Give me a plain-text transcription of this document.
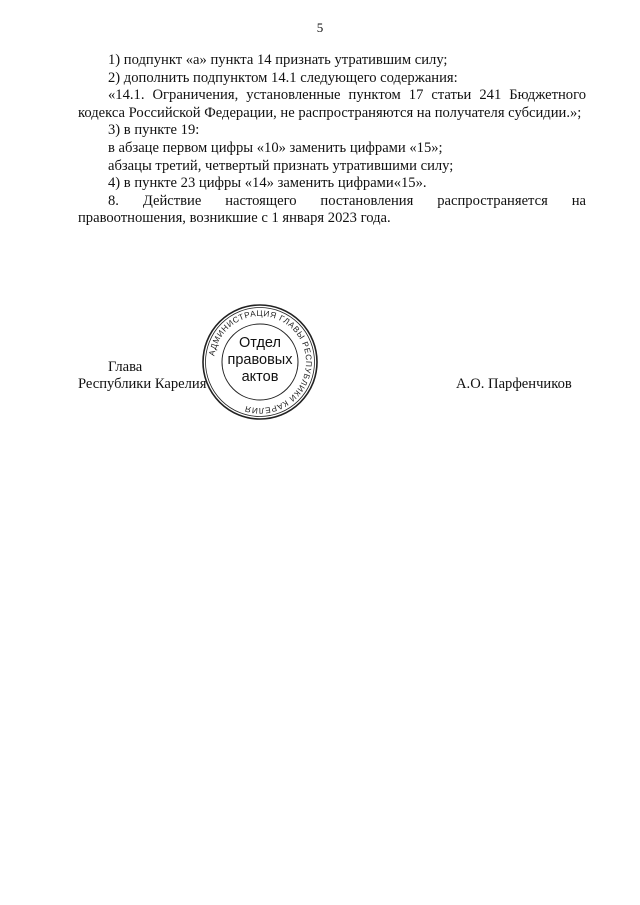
5

1) подпункт «а» пункта 14 признать утратившим силу;

2) дополнить подпунктом 14.1 следующего содержания:

«14.1. Ограничения, установленные пунктом 17 статьи 241 Бюджетного кодекса Российской Федерации, не распространяются на получателя субсидии.»;

3) в пункте 19:

в абзаце первом цифры «10» заменить цифрами «15»;

абзацы третий, четвертый признать утратившими силу;

4) в пункте 23 цифры «14» заменить цифрами«15».

8. Действие настоящего постановления распространяется на правоотношения, возникшие с 1 января 2023 года.

Глава
Республики Карелия	А.О. Парфенчиков
АДМИНИСТРАЦИЯ ГЛАВЫ РЕСПУБЛИКИ КАРЕЛИЯ
Отдел
правовых
актов
